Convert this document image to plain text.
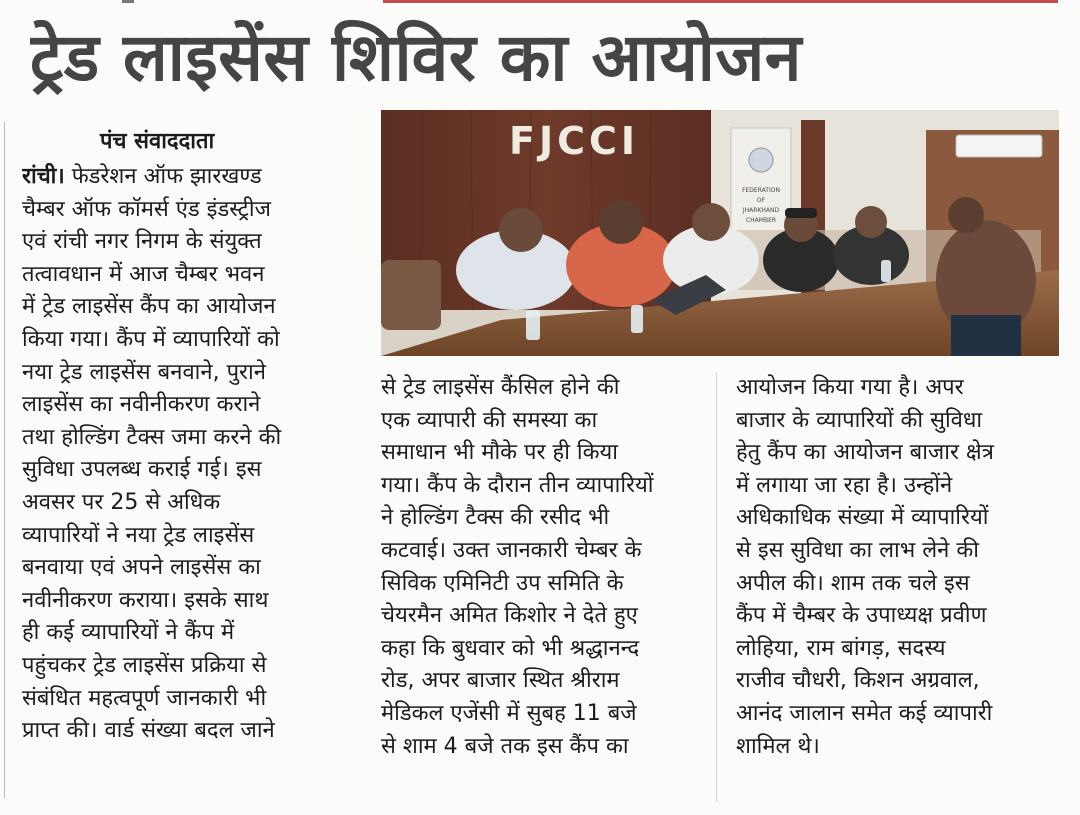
ट्रेड लाइसेंस शिविर का आयोजन
पंच संवाददाता
रांची। फेडरेशन ऑफ झारखण्ड
चैम्बर ऑफ कॉमर्स एंड इंडस्ट्रीज
एवं रांची नगर निगम के संयुक्त
तत्वावधान में आज चैम्बर भवन
में ट्रेड लाइसेंस कैंप का आयोजन
किया गया। कैंप में व्यापारियों को
नया ट्रेड लाइसेंस बनवाने, पुराने
लाइसेंस का नवीनीकरण कराने
तथा होल्डिंग टैक्स जमा करने की
सुविधा उपलब्ध कराई गई। इस
अवसर पर 25 से अधिक
व्यापारियों ने नया ट्रेड लाइसेंस
बनवाया एवं अपने लाइसेंस का
नवीनीकरण कराया। इसके साथ
ही कई व्यापारियों ने कैंप में
पहुंचकर ट्रेड लाइसेंस प्रक्रिया से
संबंधित महत्वपूर्ण जानकारी भी
प्राप्त की। वार्ड संख्या बदल जाने
FEDERATION
OF
JHARKHAND
CHAMBER
FJCCI
से ट्रेड लाइसेंस कैंसिल होने की
एक व्यापारी की समस्या का
समाधान भी मौके पर ही किया
गया। कैंप के दौरान तीन व्यापारियों
ने होल्डिंग टैक्स की रसीद भी
कटवाई। उक्त जानकारी चेम्बर के
सिविक एमिनिटी उप समिति के
चेयरमैन अमित किशोर ने देते हुए
कहा कि बुधवार को भी श्रद्धानन्द
रोड, अपर बाजार स्थित श्रीराम
मेडिकल एजेंसी में सुबह 11 बजे
से शाम 4 बजे तक इस कैंप का
आयोजन किया गया है। अपर
बाजार के व्यापारियों की सुविधा
हेतु कैंप का आयोजन बाजार क्षेत्र
में लगाया जा रहा है। उन्होंने
अधिकाधिक संख्या में व्यापारियों
से इस सुविधा का लाभ लेने की
अपील की। शाम तक चले इस
कैंप में चैम्बर के उपाध्यक्ष प्रवीण
लोहिया, राम बांगड़, सदस्य
राजीव चौधरी, किशन अग्रवाल,
आनंद जालान समेत कई व्यापारी
शामिल थे।
